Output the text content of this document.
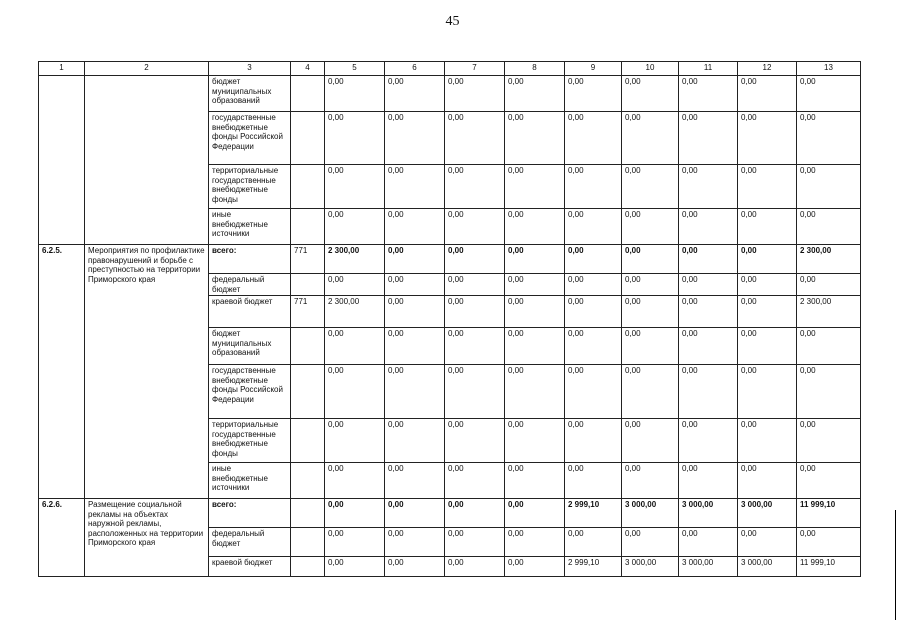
45
1	2	3	4	5	6	7	8	9	10	11	12	13
		бюджет муниципальных образований		0,00	0,00	0,00	0,00	0,00	0,00	0,00	0,00	0,00
		государственные внебюджетные фонды Российской Федерации		0,00	0,00	0,00	0,00	0,00	0,00	0,00	0,00	0,00
		территориальные государственные внебюджетные фонды		0,00	0,00	0,00	0,00	0,00	0,00	0,00	0,00	0,00
		иные внебюджетные источники		0,00	0,00	0,00	0,00	0,00	0,00	0,00	0,00	0,00
6.2.5.	Мероприятия по профилактике правонарушений и борьбе с преступностью на территории Приморского края	всего:	771	2 300,00	0,00	0,00	0,00	0,00	0,00	0,00	0,00	2 300,00
		федеральный бюджет		0,00	0,00	0,00	0,00	0,00	0,00	0,00	0,00	0,00
		краевой бюджет	771	2 300,00	0,00	0,00	0,00	0,00	0,00	0,00	0,00	2 300,00
		бюджет муниципальных образований		0,00	0,00	0,00	0,00	0,00	0,00	0,00	0,00	0,00
		государственные внебюджетные фонды Российской Федерации		0,00	0,00	0,00	0,00	0,00	0,00	0,00	0,00	0,00
		территориальные государственные внебюджетные фонды		0,00	0,00	0,00	0,00	0,00	0,00	0,00	0,00	0,00
		иные внебюджетные источники		0,00	0,00	0,00	0,00	0,00	0,00	0,00	0,00	0,00
6.2.6.	Размещение социальной рекламы на объектах наружной рекламы, расположенных на территории Приморского края	всего:		0,00	0,00	0,00	0,00	2 999,10	3 000,00	3 000,00	3 000,00	11 999,10
		федеральный бюджет		0,00	0,00	0,00	0,00	0,00	0,00	0,00	0,00	0,00
		краевой бюджет		0,00	0,00	0,00	0,00	2 999,10	3 000,00	3 000,00	3 000,00	11 999,10
